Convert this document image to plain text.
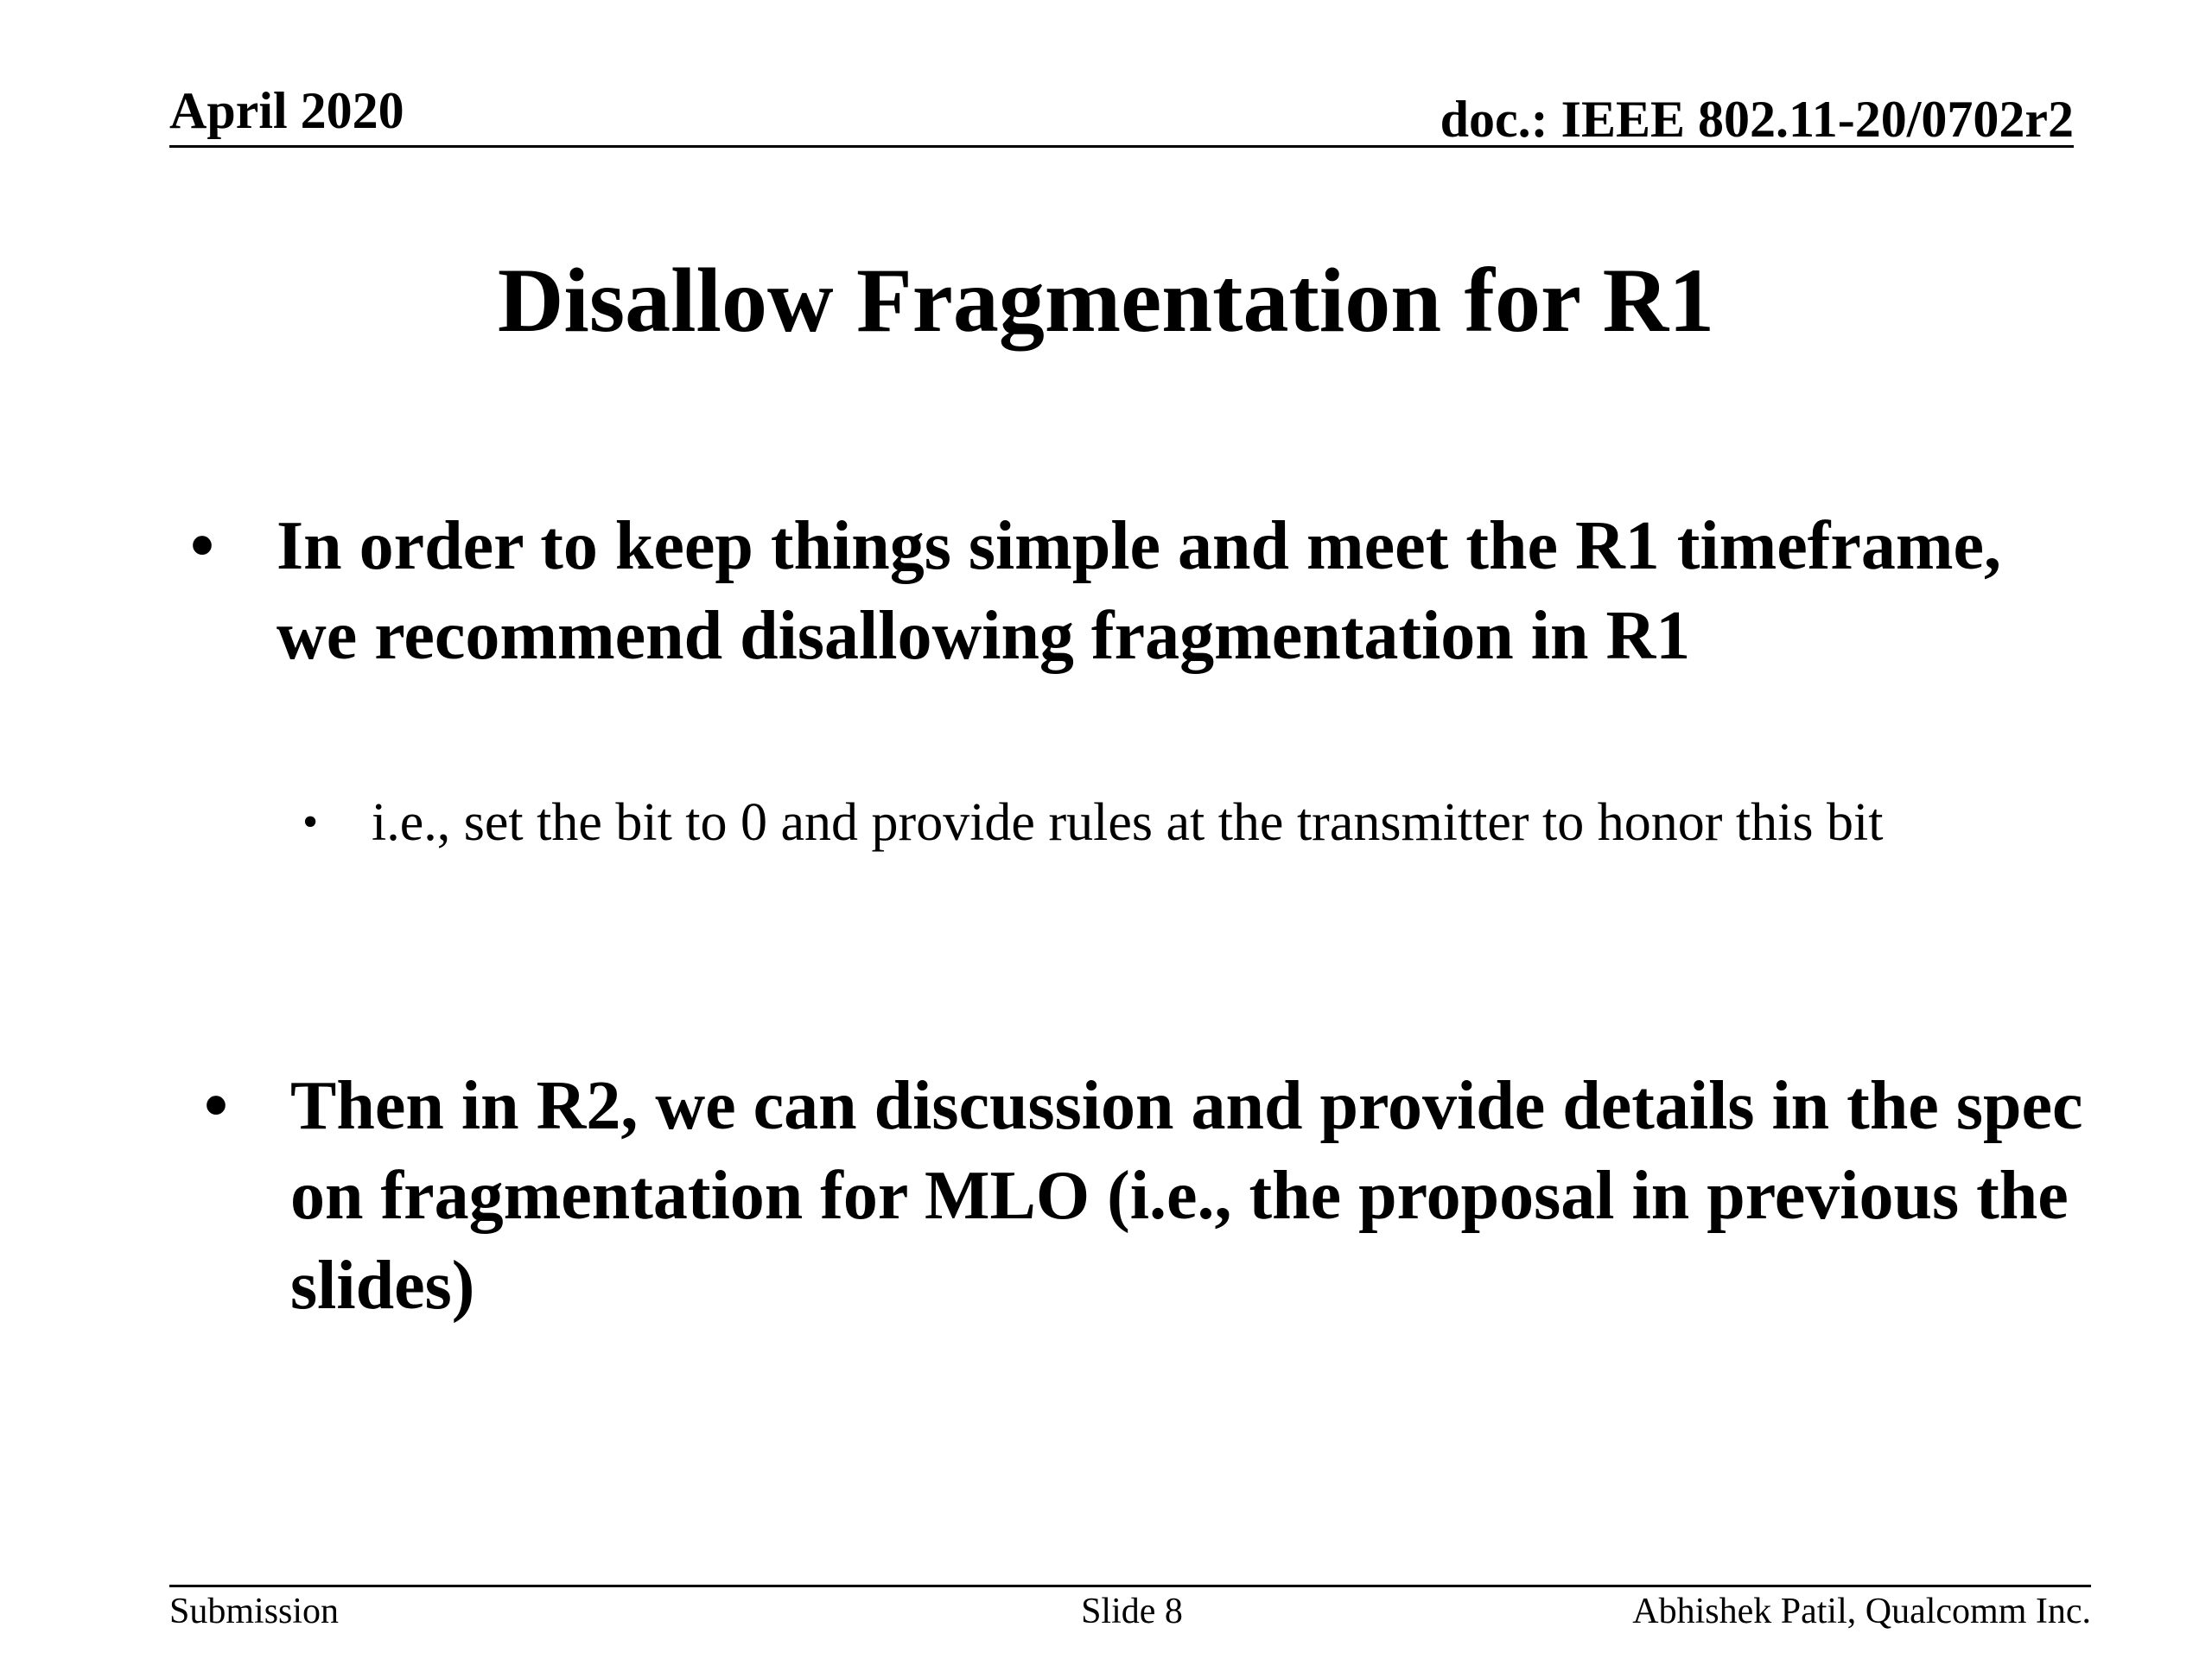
April 2020	doc.: IEEE 802.11-20/0702r2
Disallow Fragmentation for R1
• In order to keep things simple and meet the R1 timeframe, we recommend disallowing fragmentation in R1
• i.e., set the bit to 0 and provide rules at the transmitter to honor this bit
• Then in R2, we can discussion and provide details in the spec on fragmentation for MLO (i.e., the proposal in previous the slides)
Submission	Slide 8	Abhishek Patil, Qualcomm Inc.
